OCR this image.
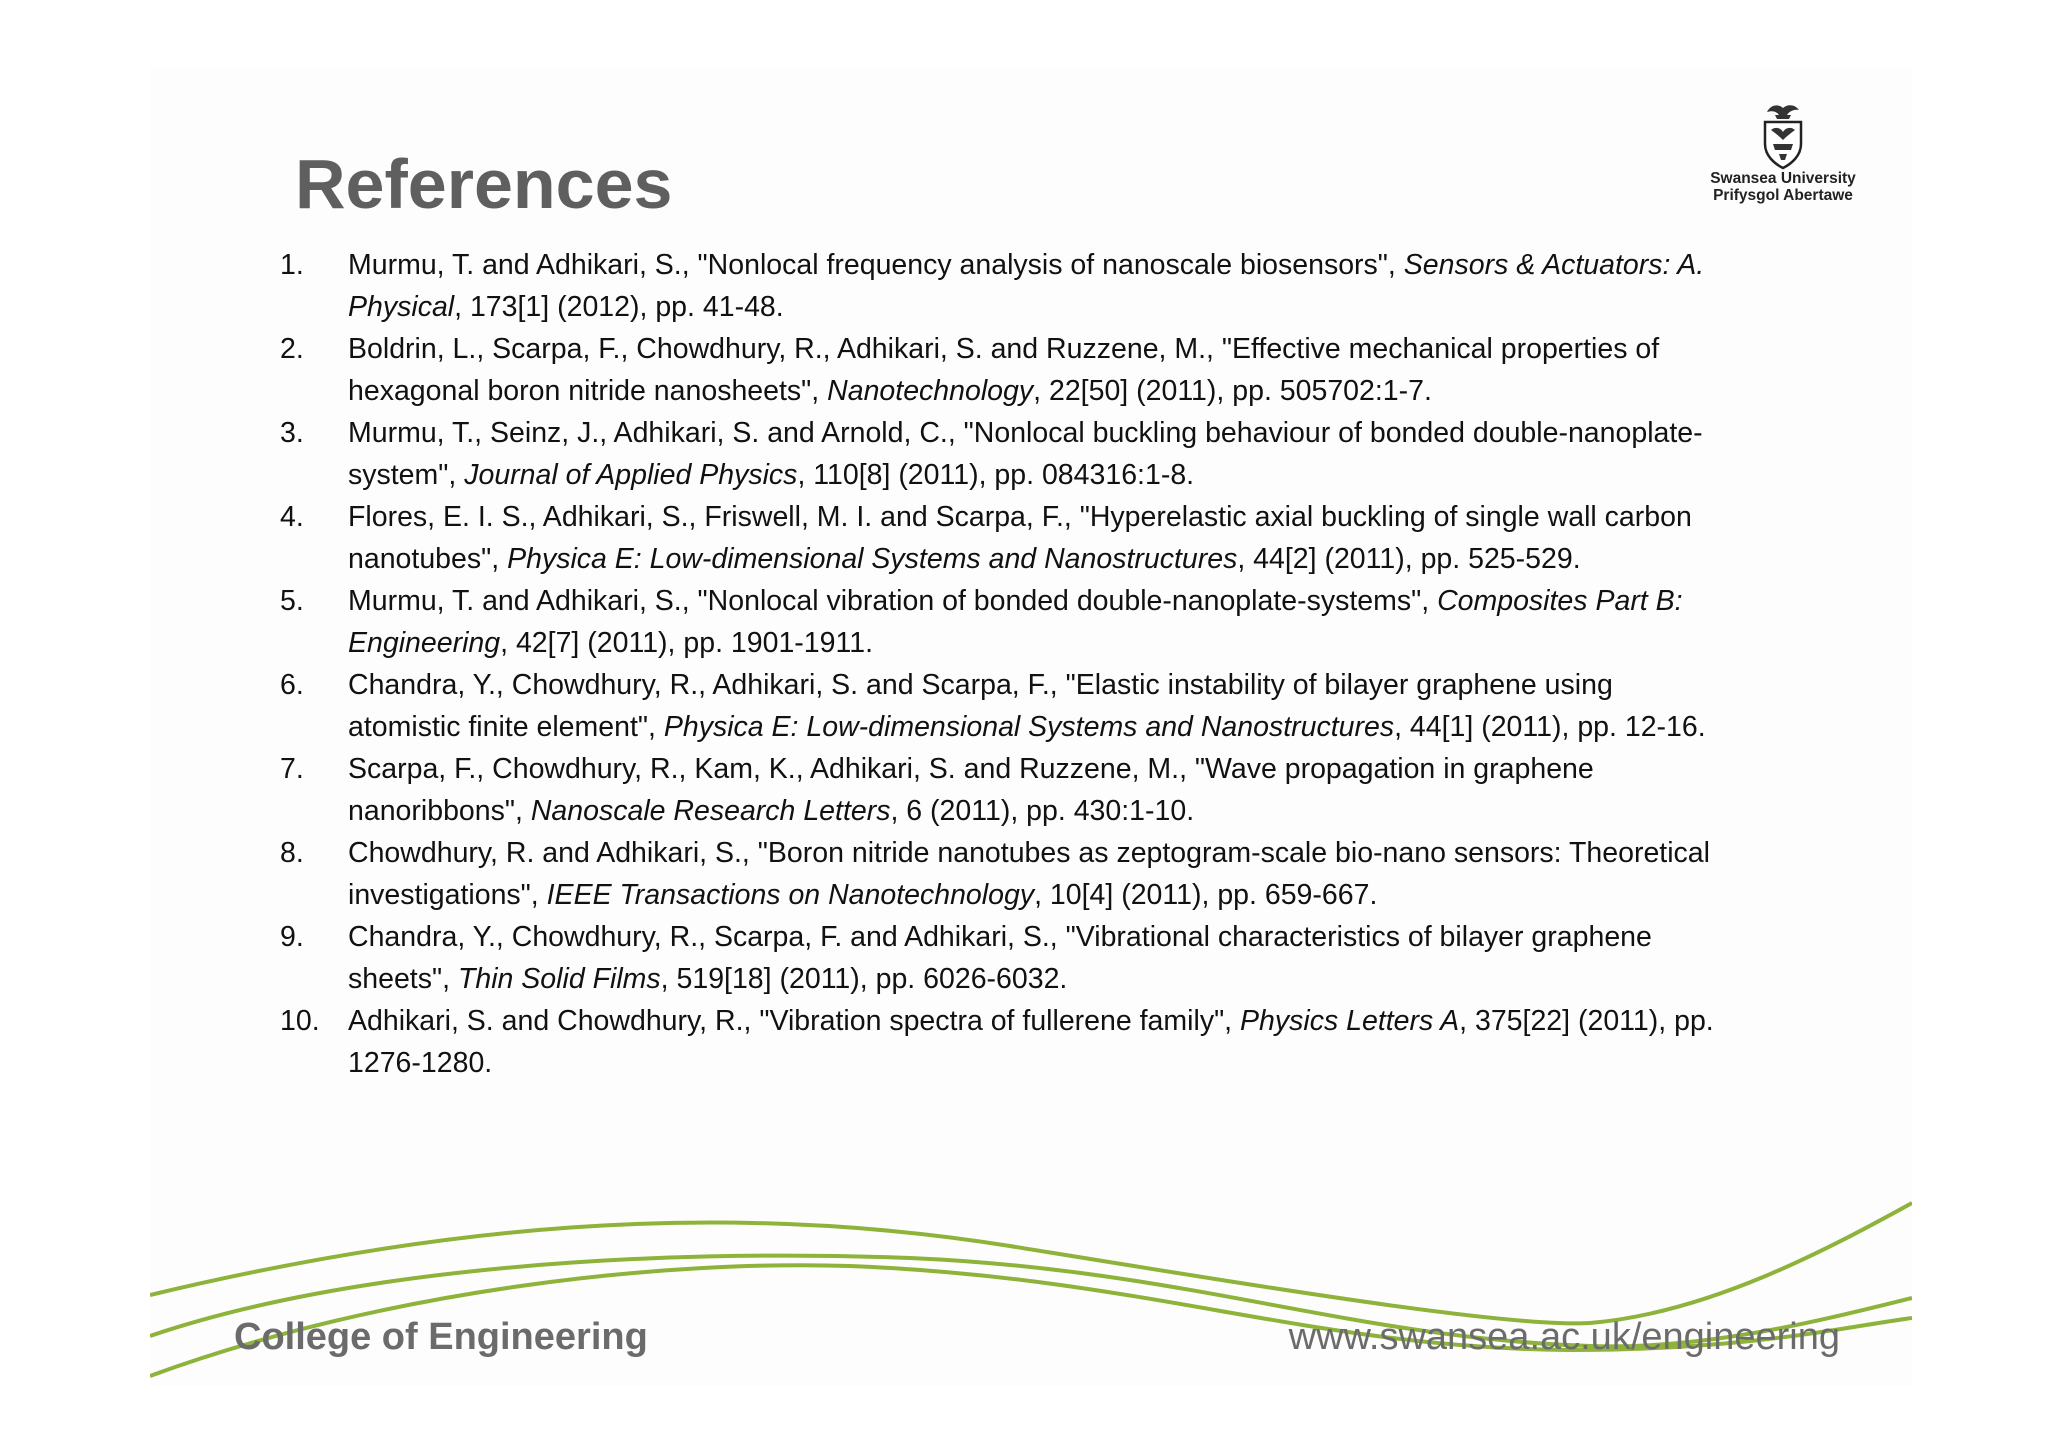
References	Swansea University
Prifysgol Abertawe
1. Murmu, T. and Adhikari, S., "Nonlocal frequency analysis of nanoscale biosensors", Sensors & Actuators: A. Physical, 173[1] (2012), pp. 41-48.
2. Boldrin, L., Scarpa, F., Chowdhury, R., Adhikari, S. and Ruzzene, M., "Effective mechanical properties of hexagonal boron nitride nanosheets", Nanotechnology, 22[50] (2011), pp. 505702:1-7.
3. Murmu, T., Seinz, J., Adhikari, S. and Arnold, C., "Nonlocal buckling behaviour of bonded double-nanoplate-system", Journal of Applied Physics, 110[8] (2011), pp. 084316:1-8.
4. Flores, E. I. S., Adhikari, S., Friswell, M. I. and Scarpa, F., "Hyperelastic axial buckling of single wall carbon nanotubes", Physica E: Low-dimensional Systems and Nanostructures, 44[2] (2011), pp. 525-529.
5. Murmu, T. and Adhikari, S., "Nonlocal vibration of bonded double-nanoplate-systems", Composites Part B: Engineering, 42[7] (2011), pp. 1901-1911.
6. Chandra, Y., Chowdhury, R., Adhikari, S. and Scarpa, F., "Elastic instability of bilayer graphene using atomistic finite element", Physica E: Low-dimensional Systems and Nanostructures, 44[1] (2011), pp. 12-16.
7. Scarpa, F., Chowdhury, R., Kam, K., Adhikari, S. and Ruzzene, M., "Wave propagation in graphene nanoribbons", Nanoscale Research Letters, 6 (2011), pp. 430:1-10.
8. Chowdhury, R. and Adhikari, S., "Boron nitride nanotubes as zeptogram-scale bio-nano sensors: Theoretical investigations", IEEE Transactions on Nanotechnology, 10[4] (2011), pp. 659-667.
9. Chandra, Y., Chowdhury, R., Scarpa, F. and Adhikari, S., "Vibrational characteristics of bilayer graphene sheets", Thin Solid Films, 519[18] (2011), pp. 6026-6032.
10. Adhikari, S. and Chowdhury, R., "Vibration spectra of fullerene family", Physics Letters A, 375[22] (2011), pp. 1276-1280.
College of Engineering	www.swansea.ac.uk/engineering
